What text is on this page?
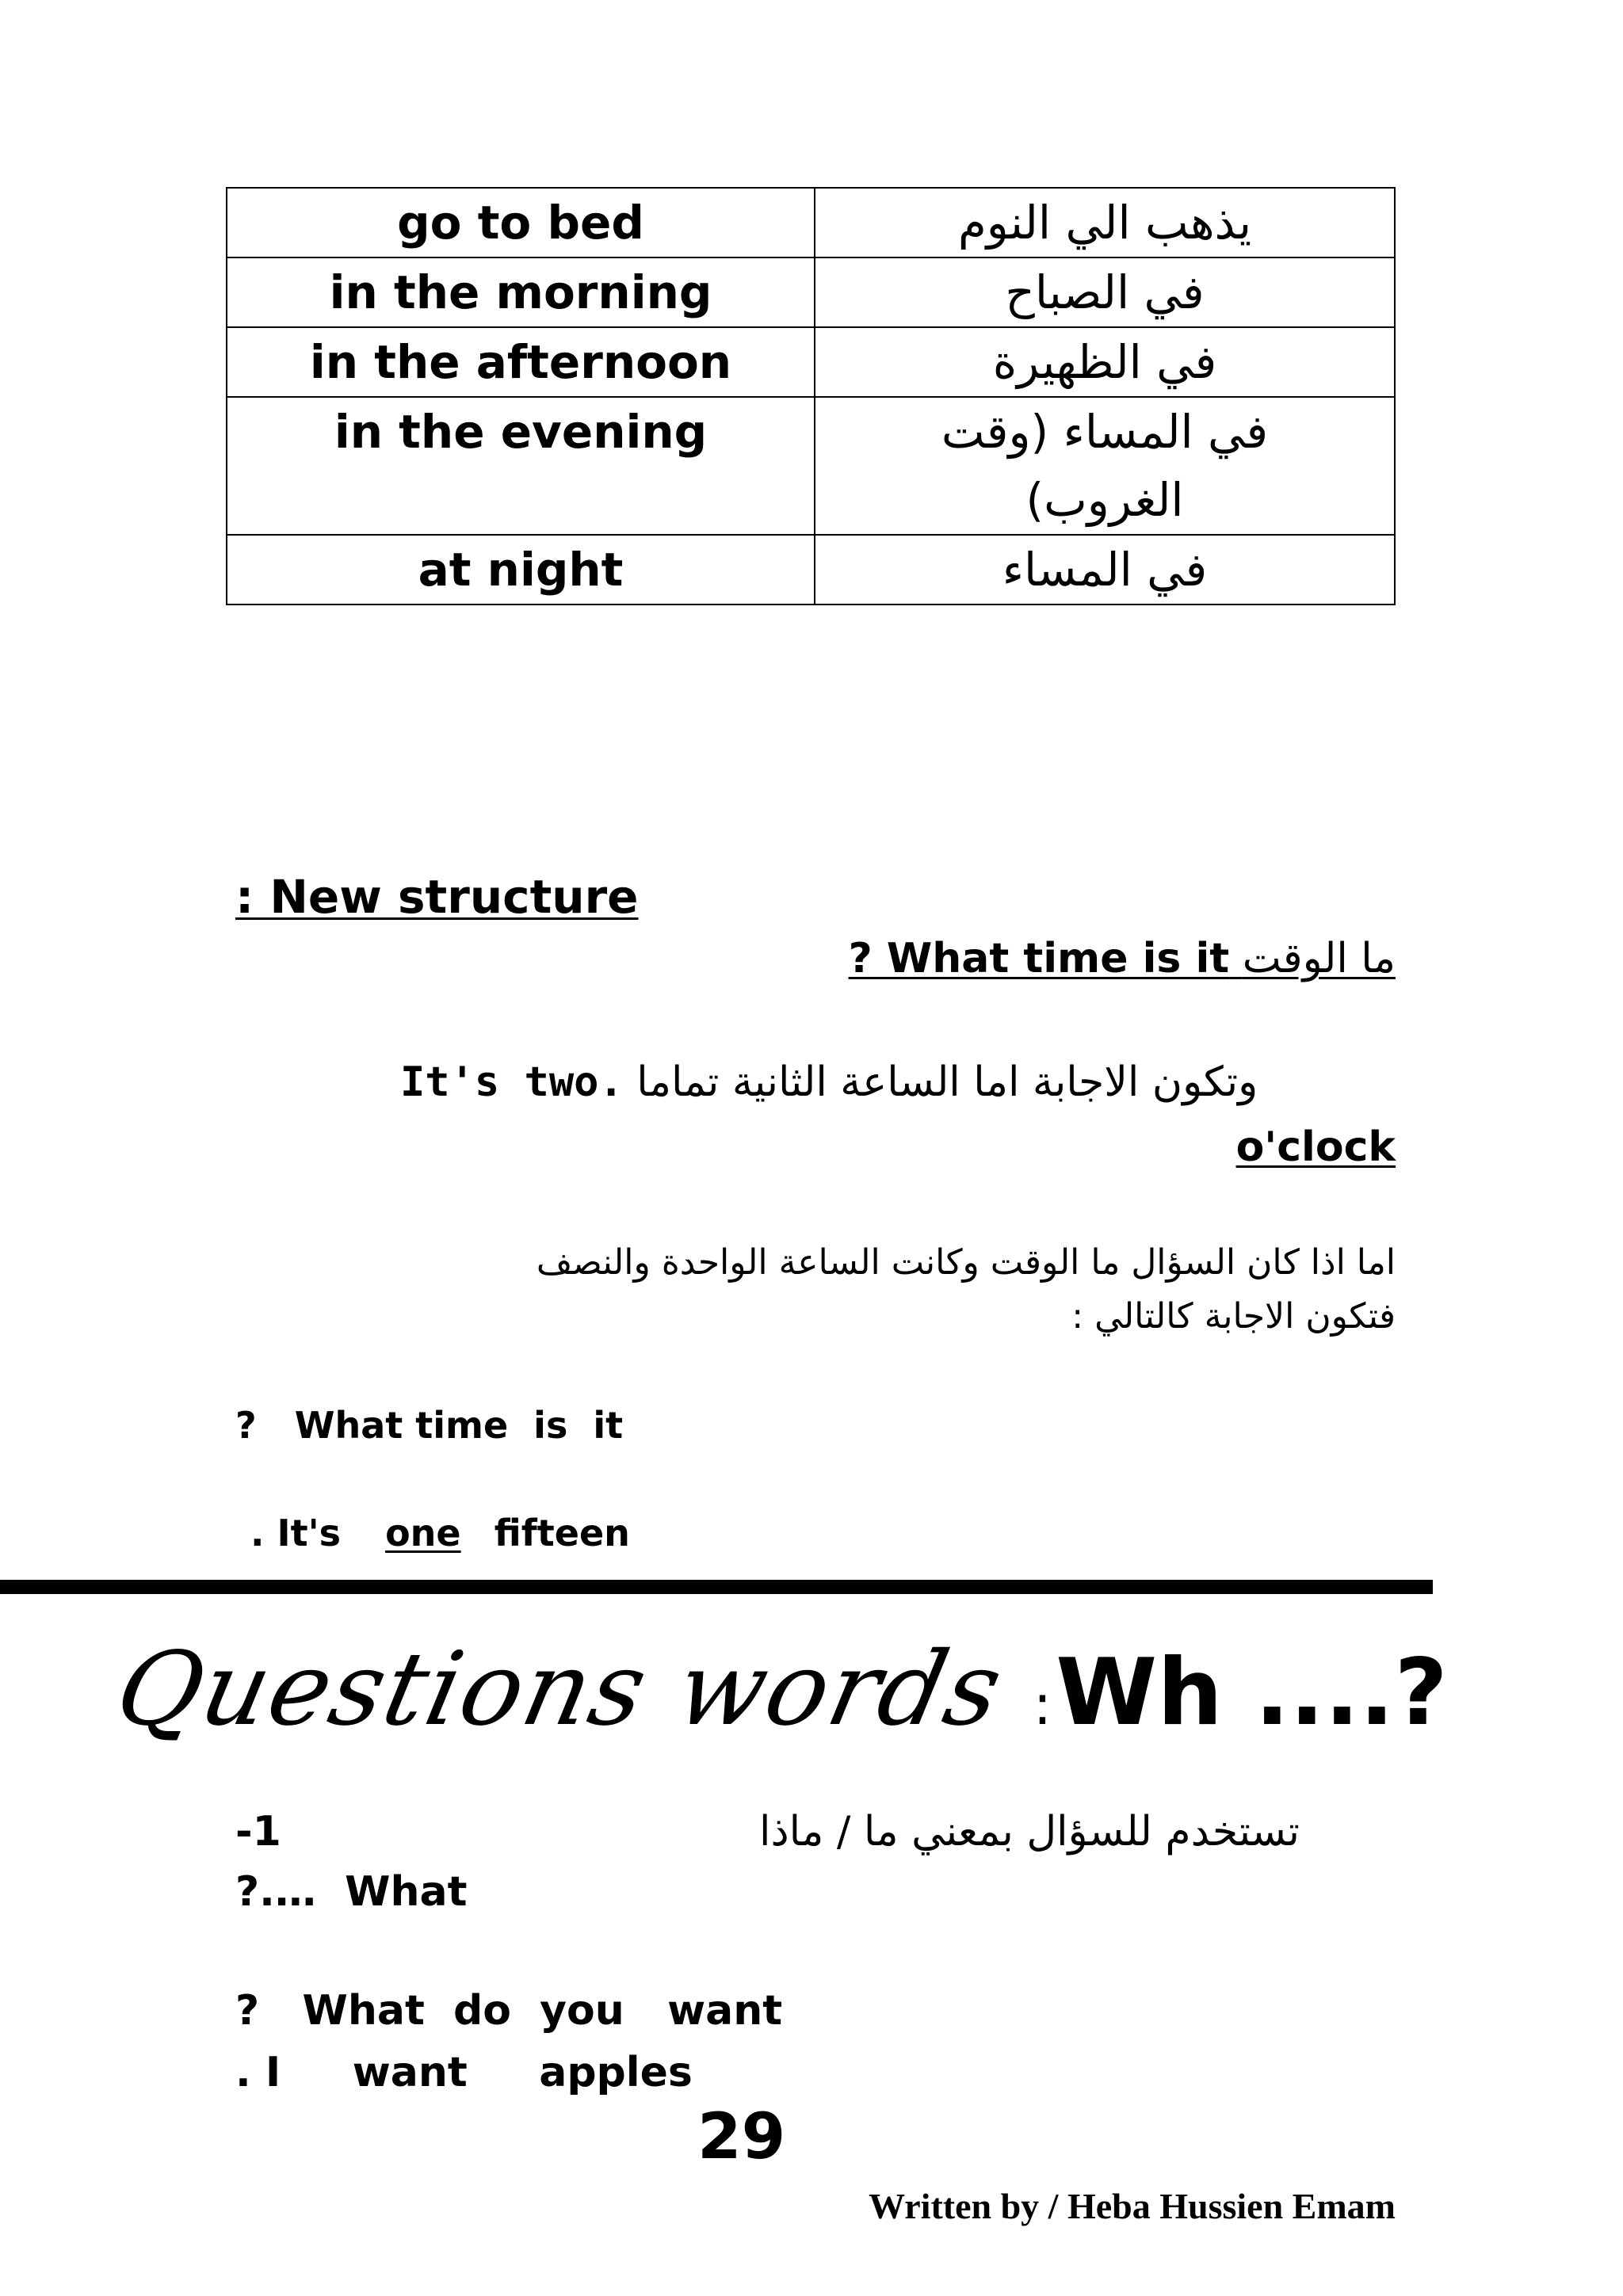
go to bed	يذهب الي النوم
in the morning	في الصباح
in the afternoon	في الظهيرة
in the evening	في المساء (وقت الغروب)
at night	في المساء
: New structure
? What time is it ما الوقت
It's two. وتكون الاجابة اما الساعة الثانية تماما
o'clock
اما اذا كان السؤال ما الوقت وكانت الساعة الواحدة والنصف
فتكون الاجابة كالتالي :
?   What time  is  it
. It's one fifteen
Questions words : Wh ....?
-1	تستخدم للسؤال بمعني ما / ماذا
?.…  What
?   What  do  you   want
. I     want     apples
29
Written by / Heba Hussien Emam
